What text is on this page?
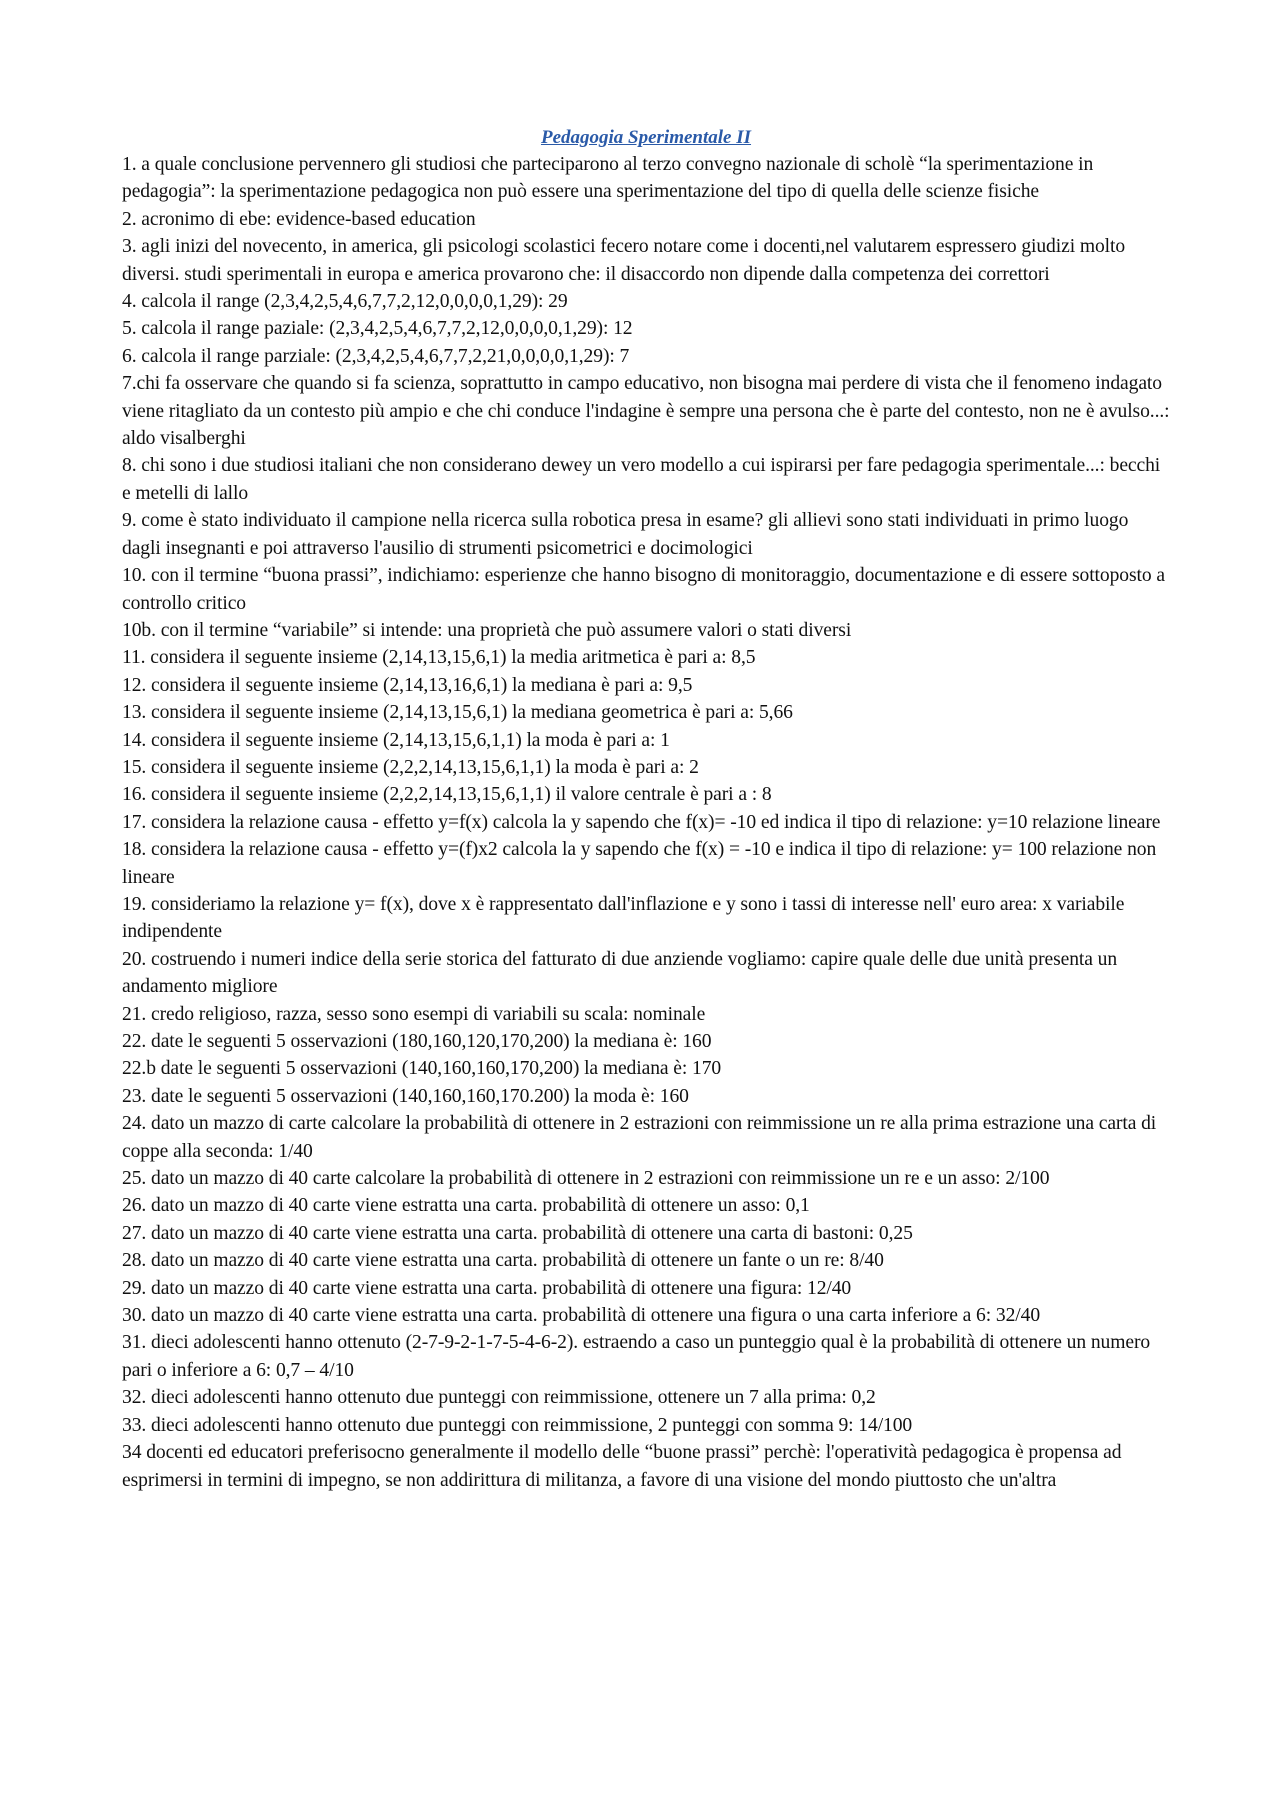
Pedagogia Sperimentale II
1. a quale conclusione pervennero gli studiosi che parteciparono al terzo convegno nazionale di scholè “la sperimentazione in pedagogia”: la sperimentazione pedagogica non può essere una sperimentazione del tipo di quella delle scienze fisiche
2. acronimo di ebe: evidence-based education
3. agli inizi del novecento, in america, gli psicologi scolastici fecero notare come i docenti,nel valutarem espressero giudizi molto diversi. studi sperimentali in europa e america provarono che: il disaccordo non dipende dalla competenza dei correttori
4. calcola il range (2,3,4,2,5,4,6,7,7,2,12,0,0,0,0,1,29): 29
5. calcola il range paziale: (2,3,4,2,5,4,6,7,7,2,12,0,0,0,0,1,29): 12
6. calcola il range parziale: (2,3,4,2,5,4,6,7,7,2,21,0,0,0,0,1,29): 7
7.chi fa osservare che quando si fa scienza, soprattutto in campo educativo, non bisogna mai perdere di vista che il fenomeno indagato viene ritagliato da un contesto più ampio e che chi conduce l'indagine è sempre una persona che è parte del contesto, non ne è avulso...: aldo visalberghi
8. chi sono i due studiosi italiani che non considerano dewey un vero modello a cui ispirarsi per fare pedagogia sperimentale...: becchi e metelli di lallo
9. come è stato individuato il campione nella ricerca sulla robotica presa in esame? gli allievi sono stati individuati in primo luogo dagli insegnanti e poi attraverso l'ausilio di strumenti psicometrici e docimologici
10. con il termine “buona prassi”, indichiamo: esperienze che hanno bisogno di monitoraggio, documentazione e di essere sottoposto a controllo critico
10b. con il termine “variabile” si intende: una proprietà che può assumere valori o stati diversi
11. considera il seguente insieme (2,14,13,15,6,1) la media aritmetica è pari a: 8,5
12. considera il seguente insieme (2,14,13,16,6,1) la mediana è pari a: 9,5
13. considera il seguente insieme (2,14,13,15,6,1) la mediana geometrica è pari a: 5,66
14. considera il seguente insieme (2,14,13,15,6,1,1) la moda è pari a: 1
15. considera il seguente insieme (2,2,2,14,13,15,6,1,1) la moda è pari a: 2
16. considera il seguente insieme (2,2,2,14,13,15,6,1,1) il valore centrale è pari a : 8
17. considera la relazione causa - effetto y=f(x) calcola la y sapendo che f(x)= -10 ed indica il tipo di relazione: y=10 relazione lineare
18. considera la relazione causa - effetto y=(f)x2 calcola la y sapendo che f(x) = -10 e indica il tipo di relazione: y= 100 relazione non lineare
19. consideriamo la relazione y= f(x), dove x è rappresentato dall'inflazione e y sono i tassi di interesse nell' euro area: x variabile indipendente
20. costruendo i numeri indice della serie storica del fatturato di due anziende vogliamo: capire quale delle due unità presenta un andamento migliore
21. credo religioso, razza, sesso sono esempi di variabili su scala: nominale
22. date le seguenti 5 osservazioni (180,160,120,170,200) la mediana è: 160
22.b date le seguenti 5 osservazioni (140,160,160,170,200) la mediana è: 170
23. date le seguenti 5 osservazioni (140,160,160,170.200) la moda è: 160
24. dato un mazzo di carte calcolare la probabilità di ottenere in 2 estrazioni con reimmissione un re alla prima estrazione una carta di coppe alla seconda: 1/40
25. dato un mazzo di 40 carte calcolare la probabilità di ottenere in 2 estrazioni con reimmissione un re e un asso: 2/100
26. dato un mazzo di 40 carte viene estratta una carta. probabilità di ottenere un asso: 0,1
27. dato un mazzo di 40 carte viene estratta una carta. probabilità di ottenere una carta di bastoni: 0,25
28. dato un mazzo di 40 carte viene estratta una carta. probabilità di ottenere un fante o un re: 8/40
29. dato un mazzo di 40 carte viene estratta una carta. probabilità di ottenere una figura: 12/40
30. dato un mazzo di 40 carte viene estratta una carta. probabilità di ottenere una figura o una carta inferiore a 6: 32/40
31. dieci adolescenti hanno ottenuto (2-7-9-2-1-7-5-4-6-2). estraendo a caso un punteggio qual è la probabilità di ottenere un numero pari o inferiore a 6: 0,7 – 4/10
32. dieci adolescenti hanno ottenuto due punteggi con reimmissione, ottenere un 7 alla prima: 0,2
33. dieci adolescenti hanno ottenuto due punteggi con reimmissione, 2 punteggi con somma 9: 14/100
34 docenti ed educatori preferisocno generalmente il modello delle “buone prassi” perchè: l'operatività pedagogica è propensa ad esprimersi in termini di impegno, se non addirittura di militanza, a favore di una visione del mondo piuttosto che un'altra
